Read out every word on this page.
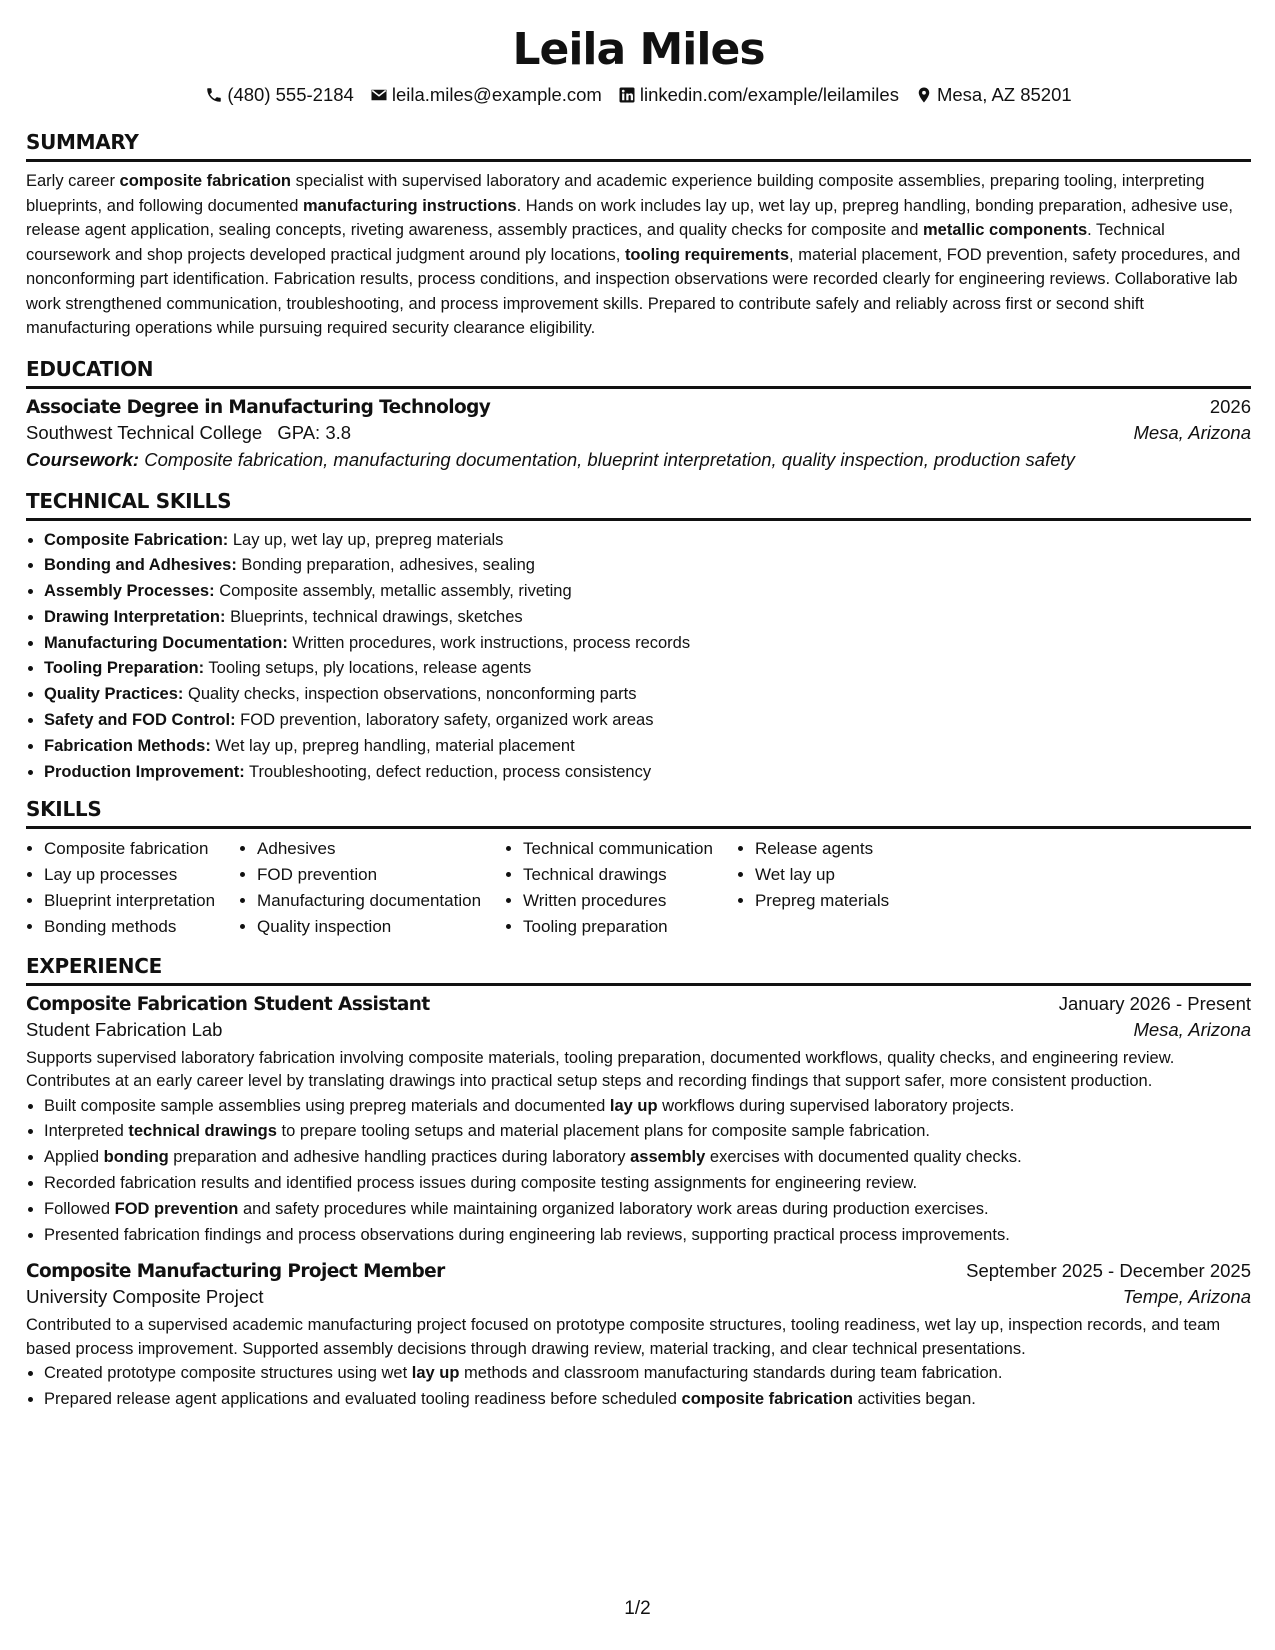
Leila Miles
(480) 555-2184 leila.miles@example.com linkedin.com/example/leilamiles Mesa, AZ 85201
SUMMARY

Early career composite fabrication specialist with supervised laboratory and academic experience building composite assemblies, preparing tooling, interpreting blueprints, and following documented manufacturing instructions. Hands on work includes lay up, wet lay up, prepreg handling, bonding preparation, adhesive use, release agent application, sealing concepts, riveting awareness, assembly practices, and quality checks for composite and metallic components. Technical coursework and shop projects developed practical judgment around ply locations, tooling requirements, material placement, FOD prevention, safety procedures, and nonconforming part identification. Fabrication results, process conditions, and inspection observations were recorded clearly for engineering reviews. Collaborative lab work strengthened communication, troubleshooting, and process improvement skills. Prepared to contribute safely and reliably across first or second shift manufacturing operations while pursuing required security clearance eligibility.

EDUCATION
Associate Degree in Manufacturing Technology	2026
Southwest Technical College GPA: 3.8	Mesa, Arizona
Coursework: Composite fabrication, manufacturing documentation, blueprint interpretation, quality inspection, production safety
TECHNICAL SKILLS
• Composite Fabrication: Lay up, wet lay up, prepreg materials
• Bonding and Adhesives: Bonding preparation, adhesives, sealing
• Assembly Processes: Composite assembly, metallic assembly, riveting
• Drawing Interpretation: Blueprints, technical drawings, sketches
• Manufacturing Documentation: Written procedures, work instructions, process records
• Tooling Preparation: Tooling setups, ply locations, release agents
• Quality Practices: Quality checks, inspection observations, nonconforming parts
• Safety and FOD Control: FOD prevention, laboratory safety, organized work areas
• Fabrication Methods: Wet lay up, prepreg handling, material placement
• Production Improvement: Troubleshooting, defect reduction, process consistency
SKILLS
• Composite fabrication
• Lay up processes
• Blueprint interpretation
• Bonding methods
• Adhesives
• FOD prevention
• Manufacturing documentation
• Quality inspection
• Technical communication
• Technical drawings
• Written procedures
• Tooling preparation
• Release agents
• Wet lay up
• Prepreg materials
EXPERIENCE
Composite Fabrication Student Assistant	January 2026 - Present
Student Fabrication Lab	Mesa, Arizona
Supports supervised laboratory fabrication involving composite materials, tooling preparation, documented workflows, quality checks, and engineering review. Contributes at an early career level by translating drawings into practical setup steps and recording findings that support safer, more consistent production.
• Built composite sample assemblies using prepreg materials and documented lay up workflows during supervised laboratory projects.
• Interpreted technical drawings to prepare tooling setups and material placement plans for composite sample fabrication.
• Applied bonding preparation and adhesive handling practices during laboratory assembly exercises with documented quality checks.
• Recorded fabrication results and identified process issues during composite testing assignments for engineering review.
• Followed FOD prevention and safety procedures while maintaining organized laboratory work areas during production exercises.
• Presented fabrication findings and process observations during engineering lab reviews, supporting practical process improvements.
Composite Manufacturing Project Member	September 2025 - December 2025
University Composite Project	Tempe, Arizona
Contributed to a supervised academic manufacturing project focused on prototype composite structures, tooling readiness, wet lay up, inspection records, and team based process improvement. Supported assembly decisions through drawing review, material tracking, and clear technical presentations.
• Created prototype composite structures using wet lay up methods and classroom manufacturing standards during team fabrication.
• Prepared release agent applications and evaluated tooling readiness before scheduled composite fabrication activities began.
1/2
